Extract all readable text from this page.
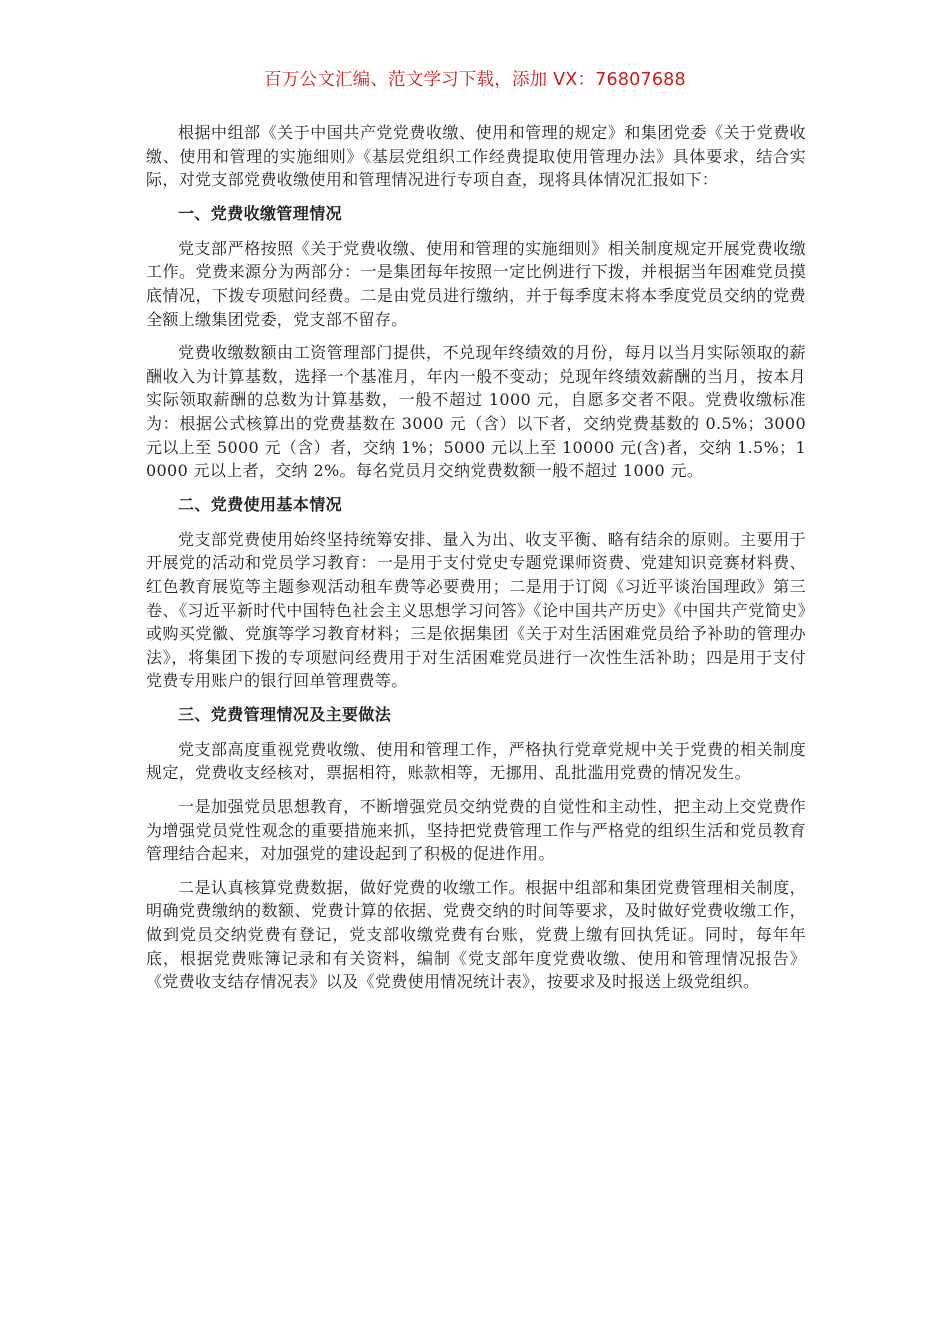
百万公文汇编、范文学习下载，添加 VX：76807688

根据中组部《关于中国共产党党费收缴、使用和管理的规定》和集团党委《关于党费收缴、使用和管理的实施细则》《基层党组织工作经费提取使用管理办法》具体要求，结合实际，对党支部党费收缴使用和管理情况进行专项自查，现将具体情况汇报如下：

一、党费收缴管理情况

党支部严格按照《关于党费收缴、使用和管理的实施细则》相关制度规定开展党费收缴工作。党费来源分为两部分：一是集团每年按照一定比例进行下拨，并根据当年困难党员摸底情况，下拨专项慰问经费。二是由党员进行缴纳，并于每季度末将本季度党员交纳的党费全额上缴集团党委，党支部不留存。

党费收缴数额由工资管理部门提供，不兑现年终绩效的月份，每月以当月实际领取的薪酬收入为计算基数，选择一个基准月，年内一般不变动；兑现年终绩效薪酬的当月，按本月实际领取薪酬的总数为计算基数，一般不超过 1000 元，自愿多交者不限。党费收缴标准为：根据公式核算出的党费基数在 3000 元（含）以下者，交纳党费基数的 0.5%；3000 元以上至 5000 元（含）者，交纳 1%；5000 元以上至 10000 元(含)者，交纳 1.5%；10000 元以上者，交纳 2%。每名党员月交纳党费数额一般不超过 1000 元。

二、党费使用基本情况

党支部党费使用始终坚持统筹安排、量入为出、收支平衡、略有结余的原则。主要用于开展党的活动和党员学习教育：一是用于支付党史专题党课师资费、党建知识竞赛材料费、红色教育展览等主题参观活动租车费等必要费用；二是用于订阅《习近平谈治国理政》第三卷、《习近平新时代中国特色社会主义思想学习问答》《论中国共产历史》《中国共产党简史》或购买党徽、党旗等学习教育材料；三是依据集团《关于对生活困难党员给予补助的管理办法》，将集团下拨的专项慰问经费用于对生活困难党员进行一次性生活补助；四是用于支付党费专用账户的银行回单管理费等。

三、党费管理情况及主要做法

党支部高度重视党费收缴、使用和管理工作，严格执行党章党规中关于党费的相关制度规定，党费收支经核对，票据相符，账款相等，无挪用、乱批滥用党费的情况发生。

一是加强党员思想教育，不断增强党员交纳党费的自觉性和主动性，把主动上交党费作为增强党员党性观念的重要措施来抓，坚持把党费管理工作与严格党的组织生活和党员教育管理结合起来，对加强党的建设起到了积极的促进作用。

二是认真核算党费数据，做好党费的收缴工作。根据中组部和集团党费管理相关制度，明确党费缴纳的数额、党费计算的依据、党费交纳的时间等要求，及时做好党费收缴工作，做到党员交纳党费有登记，党支部收缴党费有台账，党费上缴有回执凭证。同时，每年年底，根据党费账簿记录和有关资料，编制《党支部年度党费收缴、使用和管理情况报告》《党费收支结存情况表》以及《党费使用情况统计表》，按要求及时报送上级党组织。
